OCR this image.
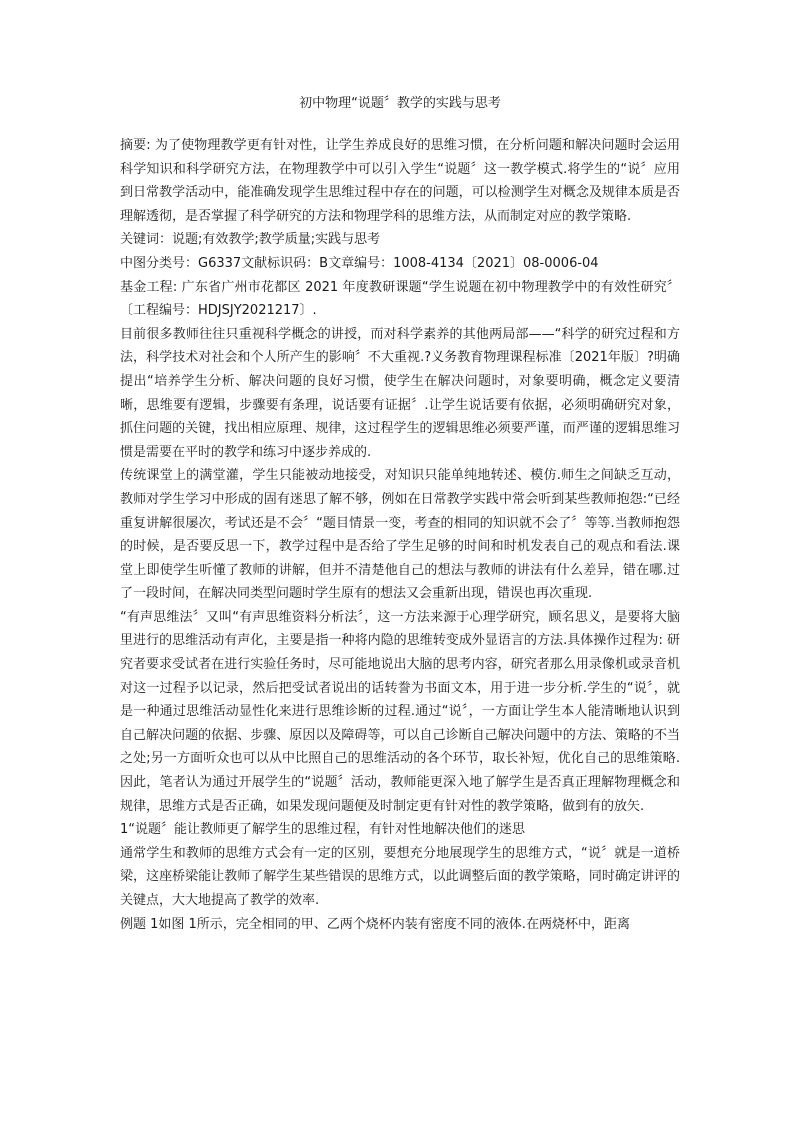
初中物理“说题〞教学的实践与思考

摘要: 为了使物理教学更有针对性，让学生养成良好的思维习惯，在分析问题和解决问题时会运用科学知识和科学研究方法，在物理教学中可以引入学生“说题〞这一教学模式.将学生的“说〞应用到日常教学活动中，能准确发现学生思维过程中存在的问题，可以检测学生对概念及规律本质是否理解透彻，是否掌握了科学研究的方法和物理学科的思维方法，从而制定对应的教学策略.

关键词：说题;有效教学;教学质量;实践与思考

中图分类号：G6337文献标识码：B文章编号：1008-4134〔2021〕08-0006-04

基金工程: 广东省广州市花都区 2021 年度教研课题“学生说题在初中物理教学中的有效性研究〞〔工程编号：HDJSJY2021217〕.

目前很多教师往往只重视科学概念的讲授，而对科学素养的其他两局部——“科学的研究过程和方法，科学技术对社会和个人所产生的影响〞不大重视.?义务教育物理课程标准〔2021年版〕?明确提出“培养学生分析、解决问题的良好习惯，使学生在解决问题时，对象要明确，概念定义要清晰，思维要有逻辑，步骤要有条理，说话要有证据〞.让学生说话要有依据，必须明确研究对象，抓住问题的关键，找出相应原理、规律，这过程学生的逻辑思维必须要严谨，而严谨的逻辑思维习惯是需要在平时的教学和练习中逐步养成的.

传统课堂上的满堂灌，学生只能被动地接受，对知识只能单纯地转述、模仿.师生之间缺乏互动，教师对学生学习中形成的固有迷思了解不够，例如在日常教学实践中常会听到某些教师抱怨:“已经重复讲解很屡次，考试还是不会〞“题目情景一变，考查的相同的知识就不会了〞等等.当教师抱怨的时候，是否要反思一下，教学过程中是否给了学生足够的时间和时机发表自己的观点和看法.课堂上即使学生听懂了教师的讲解，但并不清楚他自己的想法与教师的讲法有什么差异，错在哪.过了一段时间，在解决同类型问题时学生原有的想法又会重新出现，错误也再次重现.

“有声思维法〞又叫“有声思维资料分析法〞，这一方法来源于心理学研究，顾名思义，是要将大脑里进行的思维活动有声化，主要是指一种将内隐的思维转变成外显语言的方法.具体操作过程为: 研究者要求受试者在进行实验任务时，尽可能地说出大脑的思考内容，研究者那么用录像机或录音机对这一过程予以记录，然后把受试者说出的话转誊为书面文本，用于进一步分析.学生的“说〞，就是一种通过思维活动显性化来进行思维诊断的过程.通过“说〞，一方面让学生本人能清晰地认识到自己解决问题的依据、步骤、原因以及障碍等，可以自己诊断自己解决问题中的方法、策略的不当之处;另一方面听众也可以从中比照自己的思维活动的各个环节，取长补短，优化自己的思维策略.因此，笔者认为通过开展学生的“说题〞活动，教师能更深入地了解学生是否真正理解物理概念和规律，思维方式是否正确，如果发现问题便及时制定更有针对性的教学策略，做到有的放矢.

1“说题〞能让教师更了解学生的思维过程，有针对性地解决他们的迷思

通常学生和教师的思维方式会有一定的区别，要想充分地展现学生的思维方式，“说〞就是一道桥梁，这座桥梁能让教师了解学生某些错误的思维方式，以此调整后面的教学策略，同时确定讲评的关键点，大大地提高了教学的效率.

例题 1如图 1所示，完全相同的甲、乙两个烧杯内装有密度不同的液体.在两烧杯中，距离
